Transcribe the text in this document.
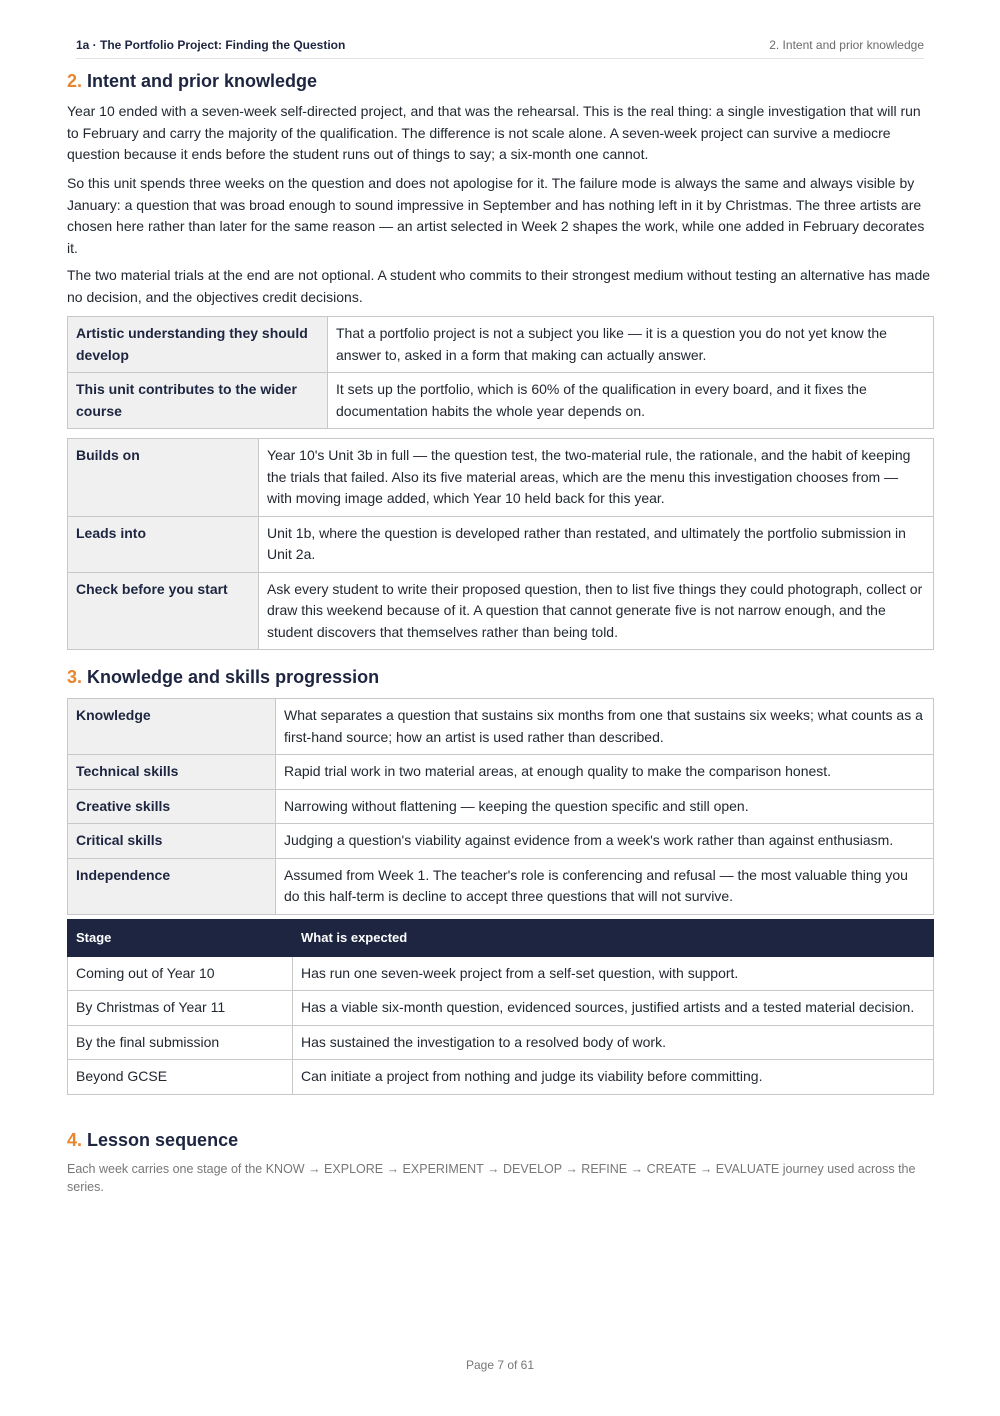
1a · The Portfolio Project: Finding the Question	2. Intent and prior knowledge
2. Intent and prior knowledge

Year 10 ended with a seven-week self-directed project, and that was the rehearsal. This is the real thing: a single investigation that will run to February and carry the majority of the qualification. The difference is not scale alone. A seven-week project can survive a mediocre question because it ends before the student runs out of things to say; a six-month one cannot.

So this unit spends three weeks on the question and does not apologise for it. The failure mode is always the same and always visible by January: a question that was broad enough to sound impressive in September and has nothing left in it by Christmas. The three artists are chosen here rather than later for the same reason — an artist selected in Week 2 shapes the work, while one added in February decorates it.

The two material trials at the end are not optional. A student who commits to their strongest medium without testing an alternative has made no decision, and the objectives credit decisions.

Artistic understanding they should develop	That a portfolio project is not a subject you like — it is a question you do not yet know the answer to, asked in a form that making can actually answer.
This unit contributes to the wider course	It sets up the portfolio, which is 60% of the qualification in every board, and it fixes the documentation habits the whole year depends on.
Builds on	Year 10's Unit 3b in full — the question test, the two-material rule, the rationale, and the habit of keeping the trials that failed. Also its five material areas, which are the menu this investigation chooses from — with moving image added, which Year 10 held back for this year.
Leads into	Unit 1b, where the question is developed rather than restated, and ultimately the portfolio submission in Unit 2a.
Check before you start	Ask every student to write their proposed question, then to list five things they could photograph, collect or draw this weekend because of it. A question that cannot generate five is not narrow enough, and the student discovers that themselves rather than being told.
3. Knowledge and skills progression
Knowledge	What separates a question that sustains six months from one that sustains six weeks; what counts as a first-hand source; how an artist is used rather than described.
Technical skills	Rapid trial work in two material areas, at enough quality to make the comparison honest.
Creative skills	Narrowing without flattening — keeping the question specific and still open.
Critical skills	Judging a question's viability against evidence from a week's work rather than against enthusiasm.
Independence	Assumed from Week 1. The teacher's role is conferencing and refusal — the most valuable thing you do this half-term is decline to accept three questions that will not survive.
Stage	What is expected
Coming out of Year 10	Has run one seven-week project from a self-set question, with support.
By Christmas of Year 11	Has a viable six-month question, evidenced sources, justified artists and a tested material decision.
By the final submission	Has sustained the investigation to a resolved body of work.
Beyond GCSE	Can initiate a project from nothing and judge its viability before committing.
4. Lesson sequence

Each week carries one stage of the KNOW → EXPLORE → EXPERIMENT → DEVELOP → REFINE → CREATE → EVALUATE journey used across the series.

Page 7 of 61
